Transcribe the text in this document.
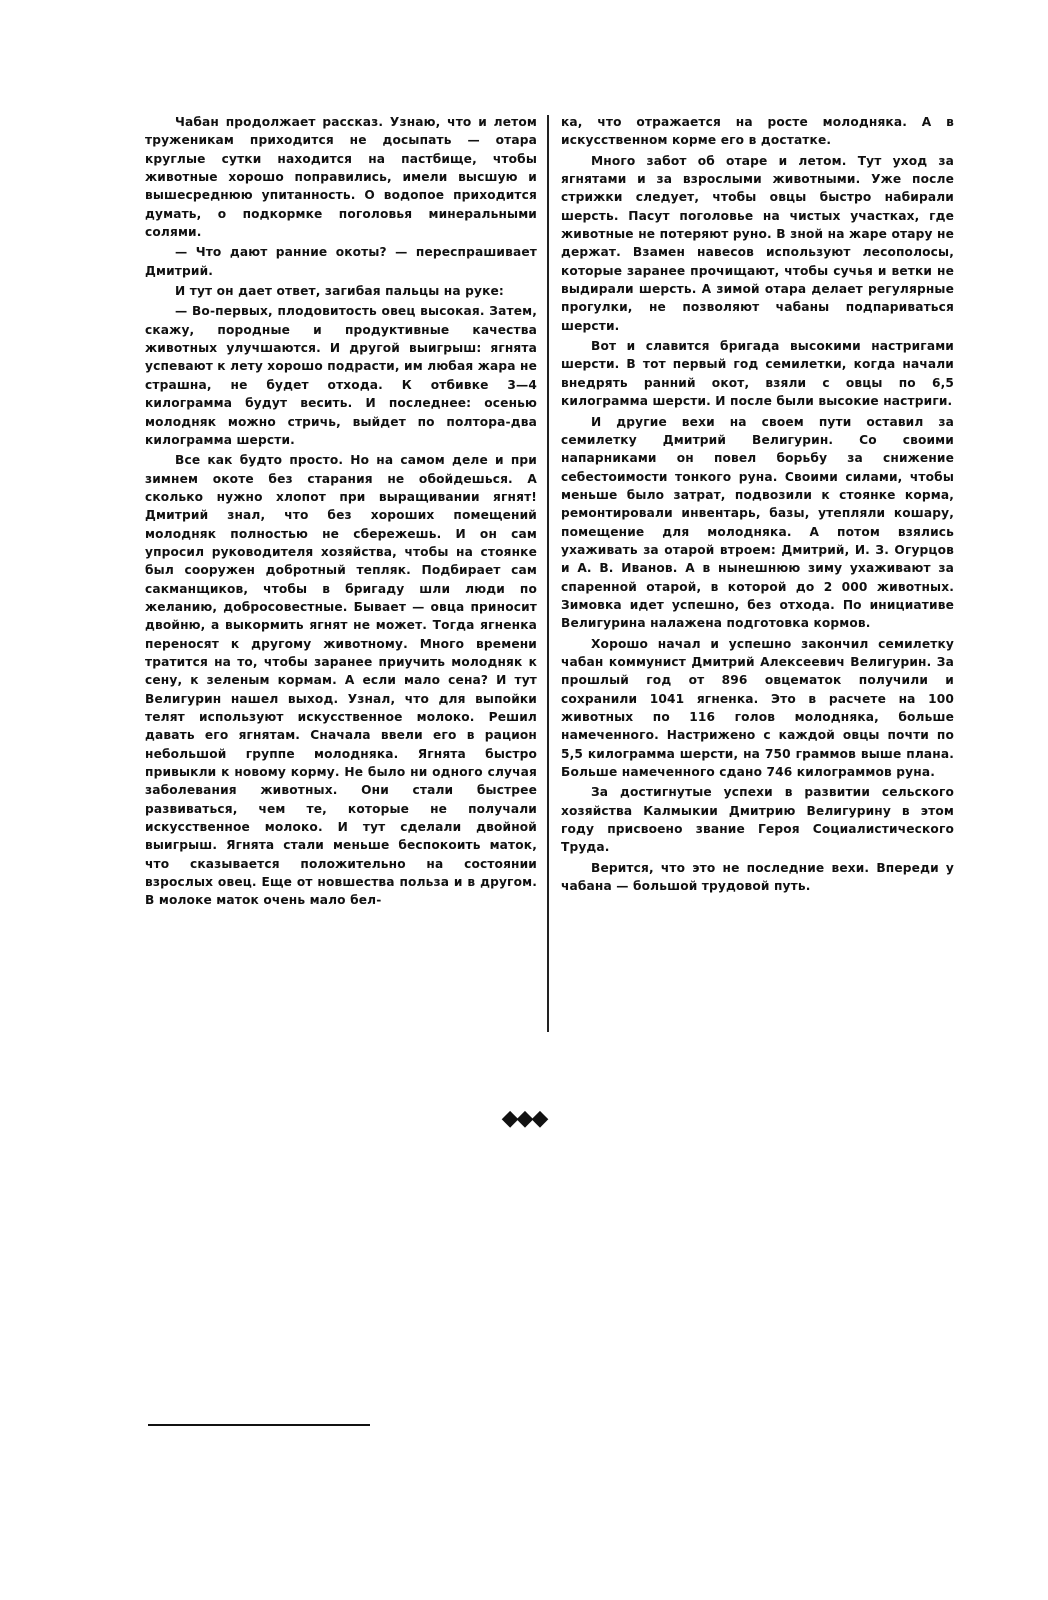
Чабан продолжает рассказ. Узнаю, что и летом труженикам приходится не досыпать — отара круглые сутки находится на пастбище, чтобы животные хорошо поправились, имели высшую и вышесреднюю упитанность. О водопое приходится думать, о подкормке поголовья минеральными солями.

— Что дают ранние окоты? — переспрашивает Дмитрий.

И тут он дает ответ, загибая пальцы на руке:

— Во-первых, плодовитость овец высокая. Затем, скажу, породные и продуктивные качества животных улучшаются. И другой выигрыш: ягнята успевают к лету хорошо подрасти, им любая жара не страшна, не будет отхода. К отбивке 3—4 килограмма будут весить. И последнее: осенью молодняк можно стричь, выйдет по полтора-два килограмма шерсти.

Все как будто просто. Но на самом деле и при зимнем окоте без старания не обойдешься. А сколько нужно хлопот при выращивании ягнят! Дмитрий знал, что без хороших помещений молодняк полностью не сбережешь. И он сам упросил руководителя хозяйства, чтобы на стоянке был сооружен добротный тепляк. Подбирает сам сакманщиков, чтобы в бригаду шли люди по желанию, добросовестные. Бывает — овца приносит двойню, а выкормить ягнят не может. Тогда ягненка переносят к другому животному. Много времени тратится на то, чтобы заранее приучить молодняк к сену, к зеленым кормам. А если мало сена? И тут Велигурин нашел выход. Узнал, что для выпойки телят используют искусственное молоко. Решил давать его ягнятам. Сначала ввели его в рацион небольшой группе молодняка. Ягнята быстро привыкли к новому корму. Не было ни одного случая заболевания животных. Они стали быстрее развиваться, чем те, которые не получали искусственное молоко. И тут сделали двойной выигрыш. Ягнята стали меньше беспокоить маток, что сказывается положительно на состоянии взрослых овец. Еще от новшества польза и в другом. В молоке маток очень мало бел-

ка, что отражается на росте молодняка. А в искусственном корме его в достатке.

Много забот об отаре и летом. Тут уход за ягнятами и за взрослыми животными. Уже после стрижки следует, чтобы овцы быстро набирали шерсть. Пасут поголовье на чистых участках, где животные не потеряют руно. В зной на жаре отару не держат. Взамен навесов используют лесополосы, которые заранее прочищают, чтобы сучья и ветки не выдирали шерсть. А зимой отара делает регулярные прогулки, не позволяют чабаны подпариваться шерсти.

Вот и славится бригада высокими настригами шерсти. В тот первый год семилетки, когда начали внедрять ранний окот, взяли с овцы по 6,5 килограмма шерсти. И после были высокие настриги.

И другие вехи на своем пути оставил за семилетку Дмитрий Велигурин. Со своими напарниками он повел борьбу за снижение себестоимости тонкого руна. Своими силами, чтобы меньше было затрат, подвозили к стоянке корма, ремонтировали инвентарь, базы, утепляли кошару, помещение для молодняка. А потом взялись ухаживать за отарой втроем: Дмитрий, И. З. Огурцов и А. В. Иванов. А в нынешнюю зиму ухаживают за спаренной отарой, в которой до 2 000 животных. Зимовка идет успешно, без отхода. По инициативе Велигурина налажена подготовка кормов.

Хорошо начал и успешно закончил семилетку чабан коммунист Дмитрий Алексеевич Велигурин. За прошлый год от 896 овцематок получили и сохранили 1041 ягненка. Это в расчете на 100 животных по 116 голов молодняка, больше намеченного. Настрижено с каждой овцы почти по 5,5 килограмма шерсти, на 750 граммов выше плана. Больше намеченного сдано 746 килограммов руна.

За достигнутые успехи в развитии сельского хозяйства Калмыкии Дмитрию Велигурину в этом году присвоено звание Героя Социалистического Труда.

Верится, что это не последние вехи. Впереди у чабана — большой трудовой путь.

◆◆◆
